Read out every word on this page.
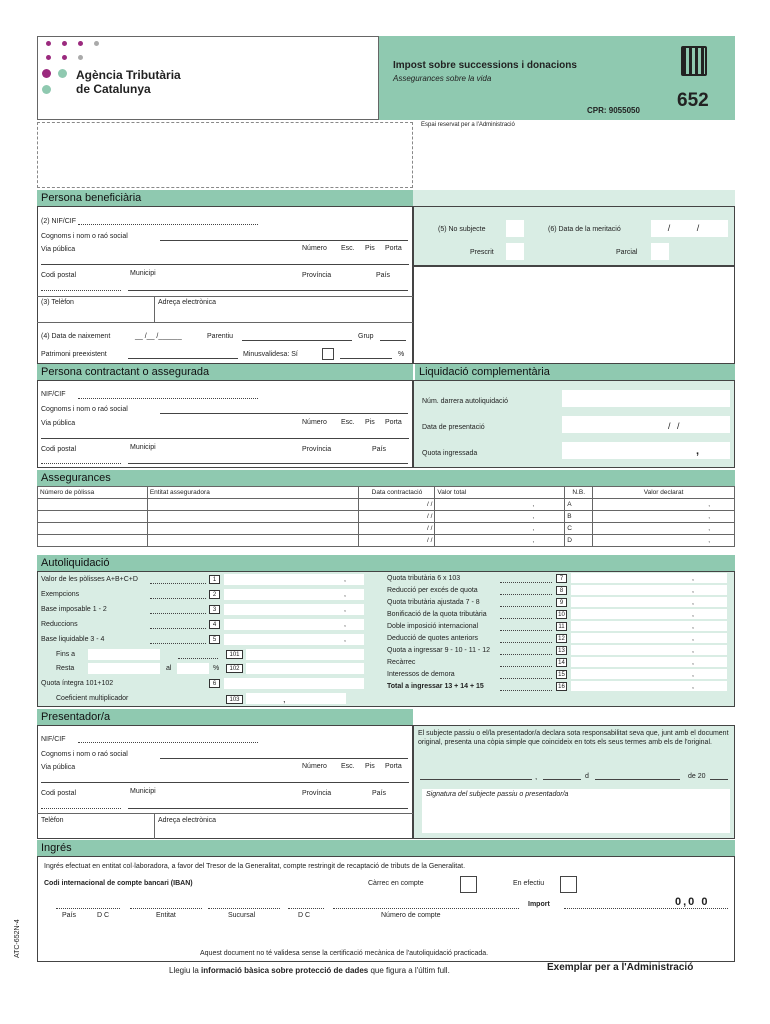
Agència Tributària
de Catalunya
Impost sobre successions i donacions
Assegurances sobre la vida
CPR: 9055050 652
Espai reservat per a l'Administració
Persona beneficiària
(2) NIF/CIF
Cognoms i nom o raó social
Via pública	Número Esc. Pis Porta
Codi postal	Municipi	Província	País
(3) Telèfon	Adreça electrònica
(4) Data de naixement	__ /__ /______	Parentiu	Grup
Patrimoni preexistent	Minusvalidesa: Sí	%
(5) No subjecte	(6) Data de la meritació	/ /
Prescrit	Parcial
Persona contractant o assegurada
NIF/CIF
Cognoms i nom o raó social
Via pública	Número Esc. Pis Porta
Codi postal	Municipi	Província	País
Liquidació complementària
Núm. darrera autoliquidació
Data de presentació	/ /
Quota ingressada	,
Assegurances
Número de pòlissa	Entitat asseguradora	Data contractació	Valor total	N.B.	Valor declarat
		/ /	,	A	,
		/ /	,	B	,
		/ /	,	C	,
		/ /	,	D	,
Autoliquidació
Valor de les pòlisses A+B+C+D	1	,
Exempcions	2	,
Base imposable 1 - 2	3	,
Reduccions	4	,
Base liquidable 3 - 4	5	,
Quota tributària 6 x 103	7	,
Reducció per excés de quota	8	,
Quota tributària ajustada 7 - 8	9	,
Bonificació de la quota tributària	10	,
Doble imposició internacional	11	,
Deducció de quotes anteriors	12	,
Quota a ingressar 9 - 10 - 11 - 12	13	,
Recàrrec	14	,
Interessos de demora	15	,
Total a ingressar 13 + 14 + 15	16	,
Fins a	101
Resta	al	%	102
Quota íntegra 101+102	6
Coeficient multiplicador	103	,
Presentador/a
NIF/CIF
Cognoms i nom o raó social
Via pública	Número Esc. Pis Porta
Codi postal	Municipi	Província	País
Telèfon	Adreça electrònica
El subjecte passiu o el/la presentador/a declara sota responsabilitat seva que, junt amb el document original, presenta una còpia simple que coincideix en tots els seus termes amb els de l'original.
,	d	de 20
Signatura del subjecte passiu o presentador/a
Ingrés
Ingrés efectuat en entitat col·laboradora, a favor del Tresor de la Generalitat, compte restringit de recaptació de tributs de la Generalitat.
Codi internacional de compte bancari (IBAN)	Càrrec en compte	En efectiu
Import	0,0 0
País	D C	Entitat	Sucursal	D C	Número de compte
Aquest document no té validesa sense la certificació mecànica de l'autoliquidació practicada.
ATC-652N-4
Llegiu la informació bàsica sobre protecció de dades que figura a l'últim full.	Exemplar per a l'Administració
